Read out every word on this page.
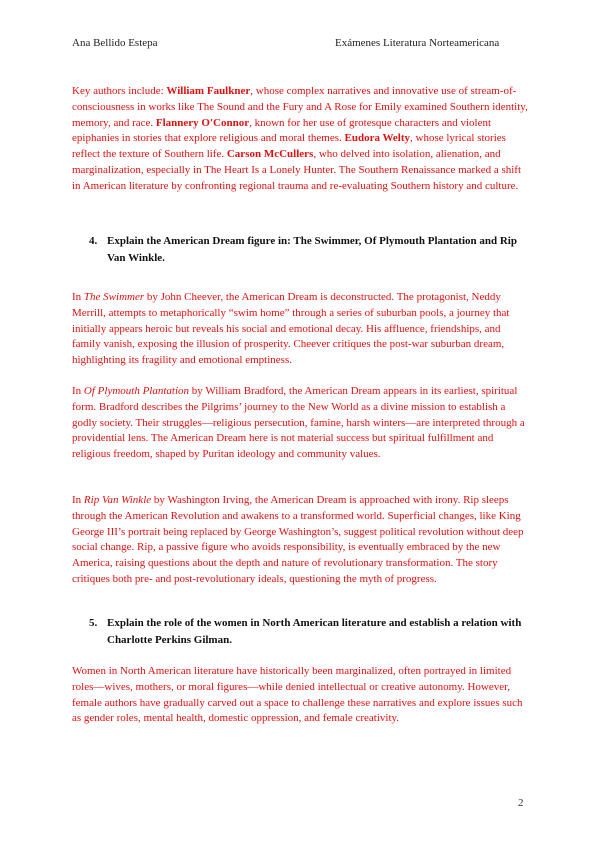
Ana Bellido Estepa	Exámenes Literatura Norteamericana
Key authors include: William Faulkner, whose complex narratives and innovative use of stream-of-consciousness in works like The Sound and the Fury and A Rose for Emily examined Southern identity, memory, and race. Flannery O'Connor, known for her use of grotesque characters and violent epiphanies in stories that explore religious and moral themes. Eudora Welty, whose lyrical stories reflect the texture of Southern life. Carson McCullers, who delved into isolation, alienation, and marginalization, especially in The Heart Is a Lonely Hunter. The Southern Renaissance marked a shift in American literature by confronting regional trauma and re-evaluating Southern history and culture.
4. Explain the American Dream figure in: The Swimmer, Of Plymouth Plantation and Rip Van Winkle.
In The Swimmer by John Cheever, the American Dream is deconstructed. The protagonist, Neddy Merrill, attempts to metaphorically “swim home” through a series of suburban pools, a journey that initially appears heroic but reveals his social and emotional decay. His affluence, friendships, and family vanish, exposing the illusion of prosperity. Cheever critiques the post-war suburban dream, highlighting its fragility and emotional emptiness.
In Of Plymouth Plantation by William Bradford, the American Dream appears in its earliest, spiritual form. Bradford describes the Pilgrims’ journey to the New World as a divine mission to establish a godly society. Their struggles—religious persecution, famine, harsh winters—are interpreted through a providential lens. The American Dream here is not material success but spiritual fulfillment and religious freedom, shaped by Puritan ideology and community values.
In Rip Van Winkle by Washington Irving, the American Dream is approached with irony. Rip sleeps through the American Revolution and awakens to a transformed world. Superficial changes, like King George III’s portrait being replaced by George Washington’s, suggest political revolution without deep social change. Rip, a passive figure who avoids responsibility, is eventually embraced by the new America, raising questions about the depth and nature of revolutionary transformation. The story critiques both pre- and post-revolutionary ideals, questioning the myth of progress.
5. Explain the role of the women in North American literature and establish a relation with Charlotte Perkins Gilman.
Women in North American literature have historically been marginalized, often portrayed in limited roles—wives, mothers, or moral figures—while denied intellectual or creative autonomy. However, female authors have gradually carved out a space to challenge these narratives and explore issues such as gender roles, mental health, domestic oppression, and female creativity.
2
